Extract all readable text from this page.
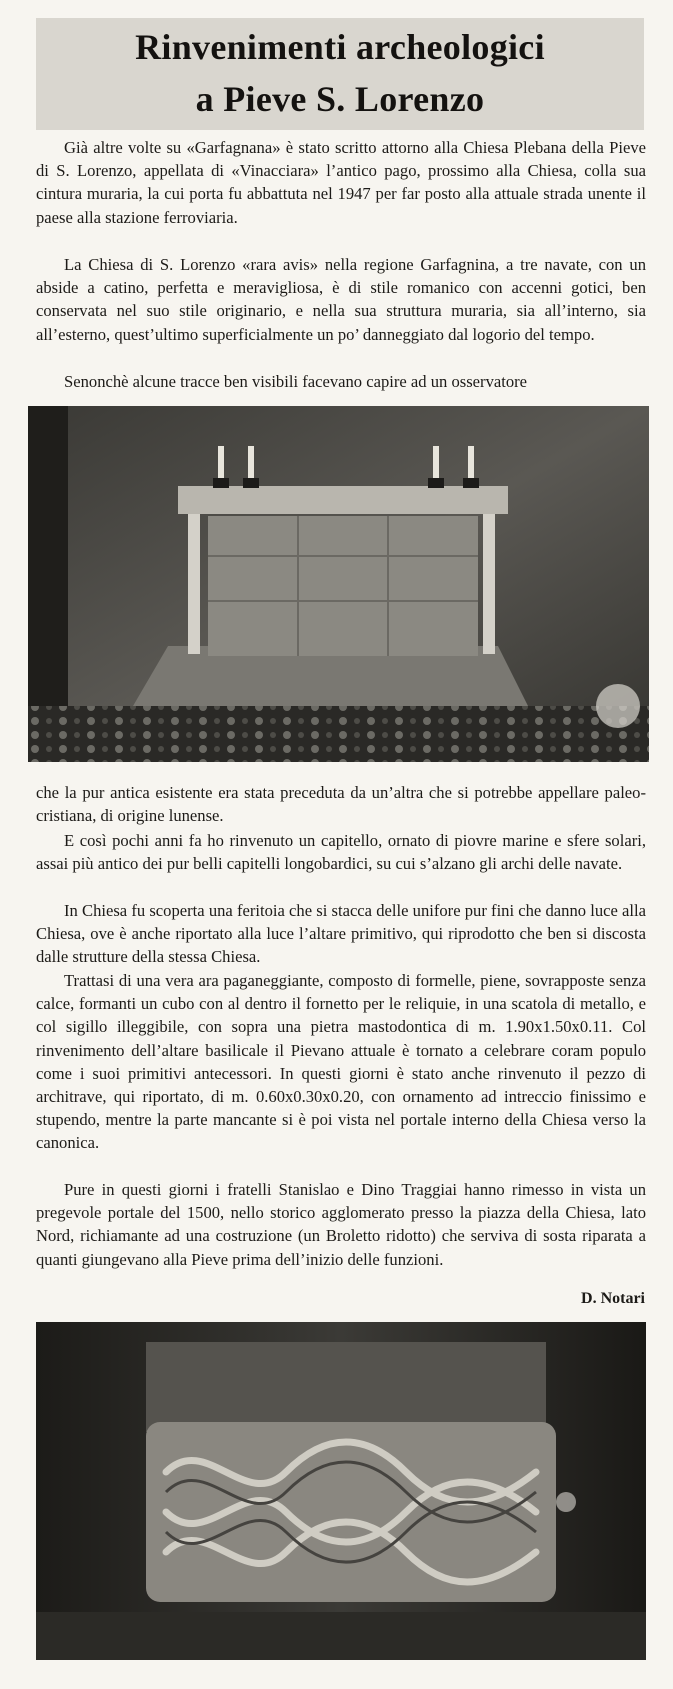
Rinvenimenti archeologici
a Pieve S. Lorenzo

Già altre volte su «Garfagnana» è stato scritto attorno alla Chiesa Plebana della Pieve di S. Lorenzo, appellata di «Vinacciara» l’antico pago, prossimo alla Chiesa, colla sua cintura muraria, la cui porta fu abbattuta nel 1947 per far posto alla attuale strada unente il paese alla stazione ferroviaria.

La Chiesa di S. Lorenzo «rara avis» nella regione Garfagnina, a tre navate, con un abside a catino, perfetta e meravigliosa, è di stile romanico con accenni gotici, ben conservata nel suo stile originario, e nella sua struttura muraria, sia all’interno, sia all’esterno, quest’ultimo superficialmente un po’ danneggiato dal logorio del tempo.

Senonchè alcune tracce ben visibili facevano capire ad un osservatore

che la pur antica esistente era stata preceduta da un’altra che si potrebbe appellare paleo-cristiana, di origine lunense.

E così pochi anni fa ho rinvenuto un capitello, ornato di piovre marine e sfere solari, assai più antico dei pur belli capitelli longobardici, su cui s’alzano gli archi delle navate.

In Chiesa fu scoperta una feritoia che si stacca delle unifore pur fini che danno luce alla Chiesa, ove è anche riportato alla luce l’altare primitivo, qui riprodotto che ben si discosta dalle strutture della stessa Chiesa.

Trattasi di una vera ara paganeggiante, composto di formelle, piene, sovrapposte senza calce, formanti un cubo con al dentro il fornetto per le reliquie, in una scatola di metallo, e col sigillo illeggibile, con sopra una pietra mastodontica di m. 1.90x1.50x0.11. Col rinvenimento dell’altare basilicale il Pievano attuale è tornato a celebrare coram populo come i suoi primitivi antecessori. In questi giorni è stato anche rinvenuto il pezzo di architrave, qui riportato, di m. 0.60x0.30x0.20, con ornamento ad intreccio finissimo e stupendo, mentre la parte mancante si è poi vista nel portale interno della Chiesa verso la canonica.

Pure in questi giorni i fratelli Stanislao e Dino Traggiai hanno rimesso in vista un pregevole portale del 1500, nello storico agglomerato presso la piazza della Chiesa, lato Nord, richiamante ad una costruzione (un Broletto ridotto) che serviva di sosta riparata a quanti giungevano alla Pieve prima dell’inizio delle funzioni.

D. Notari
